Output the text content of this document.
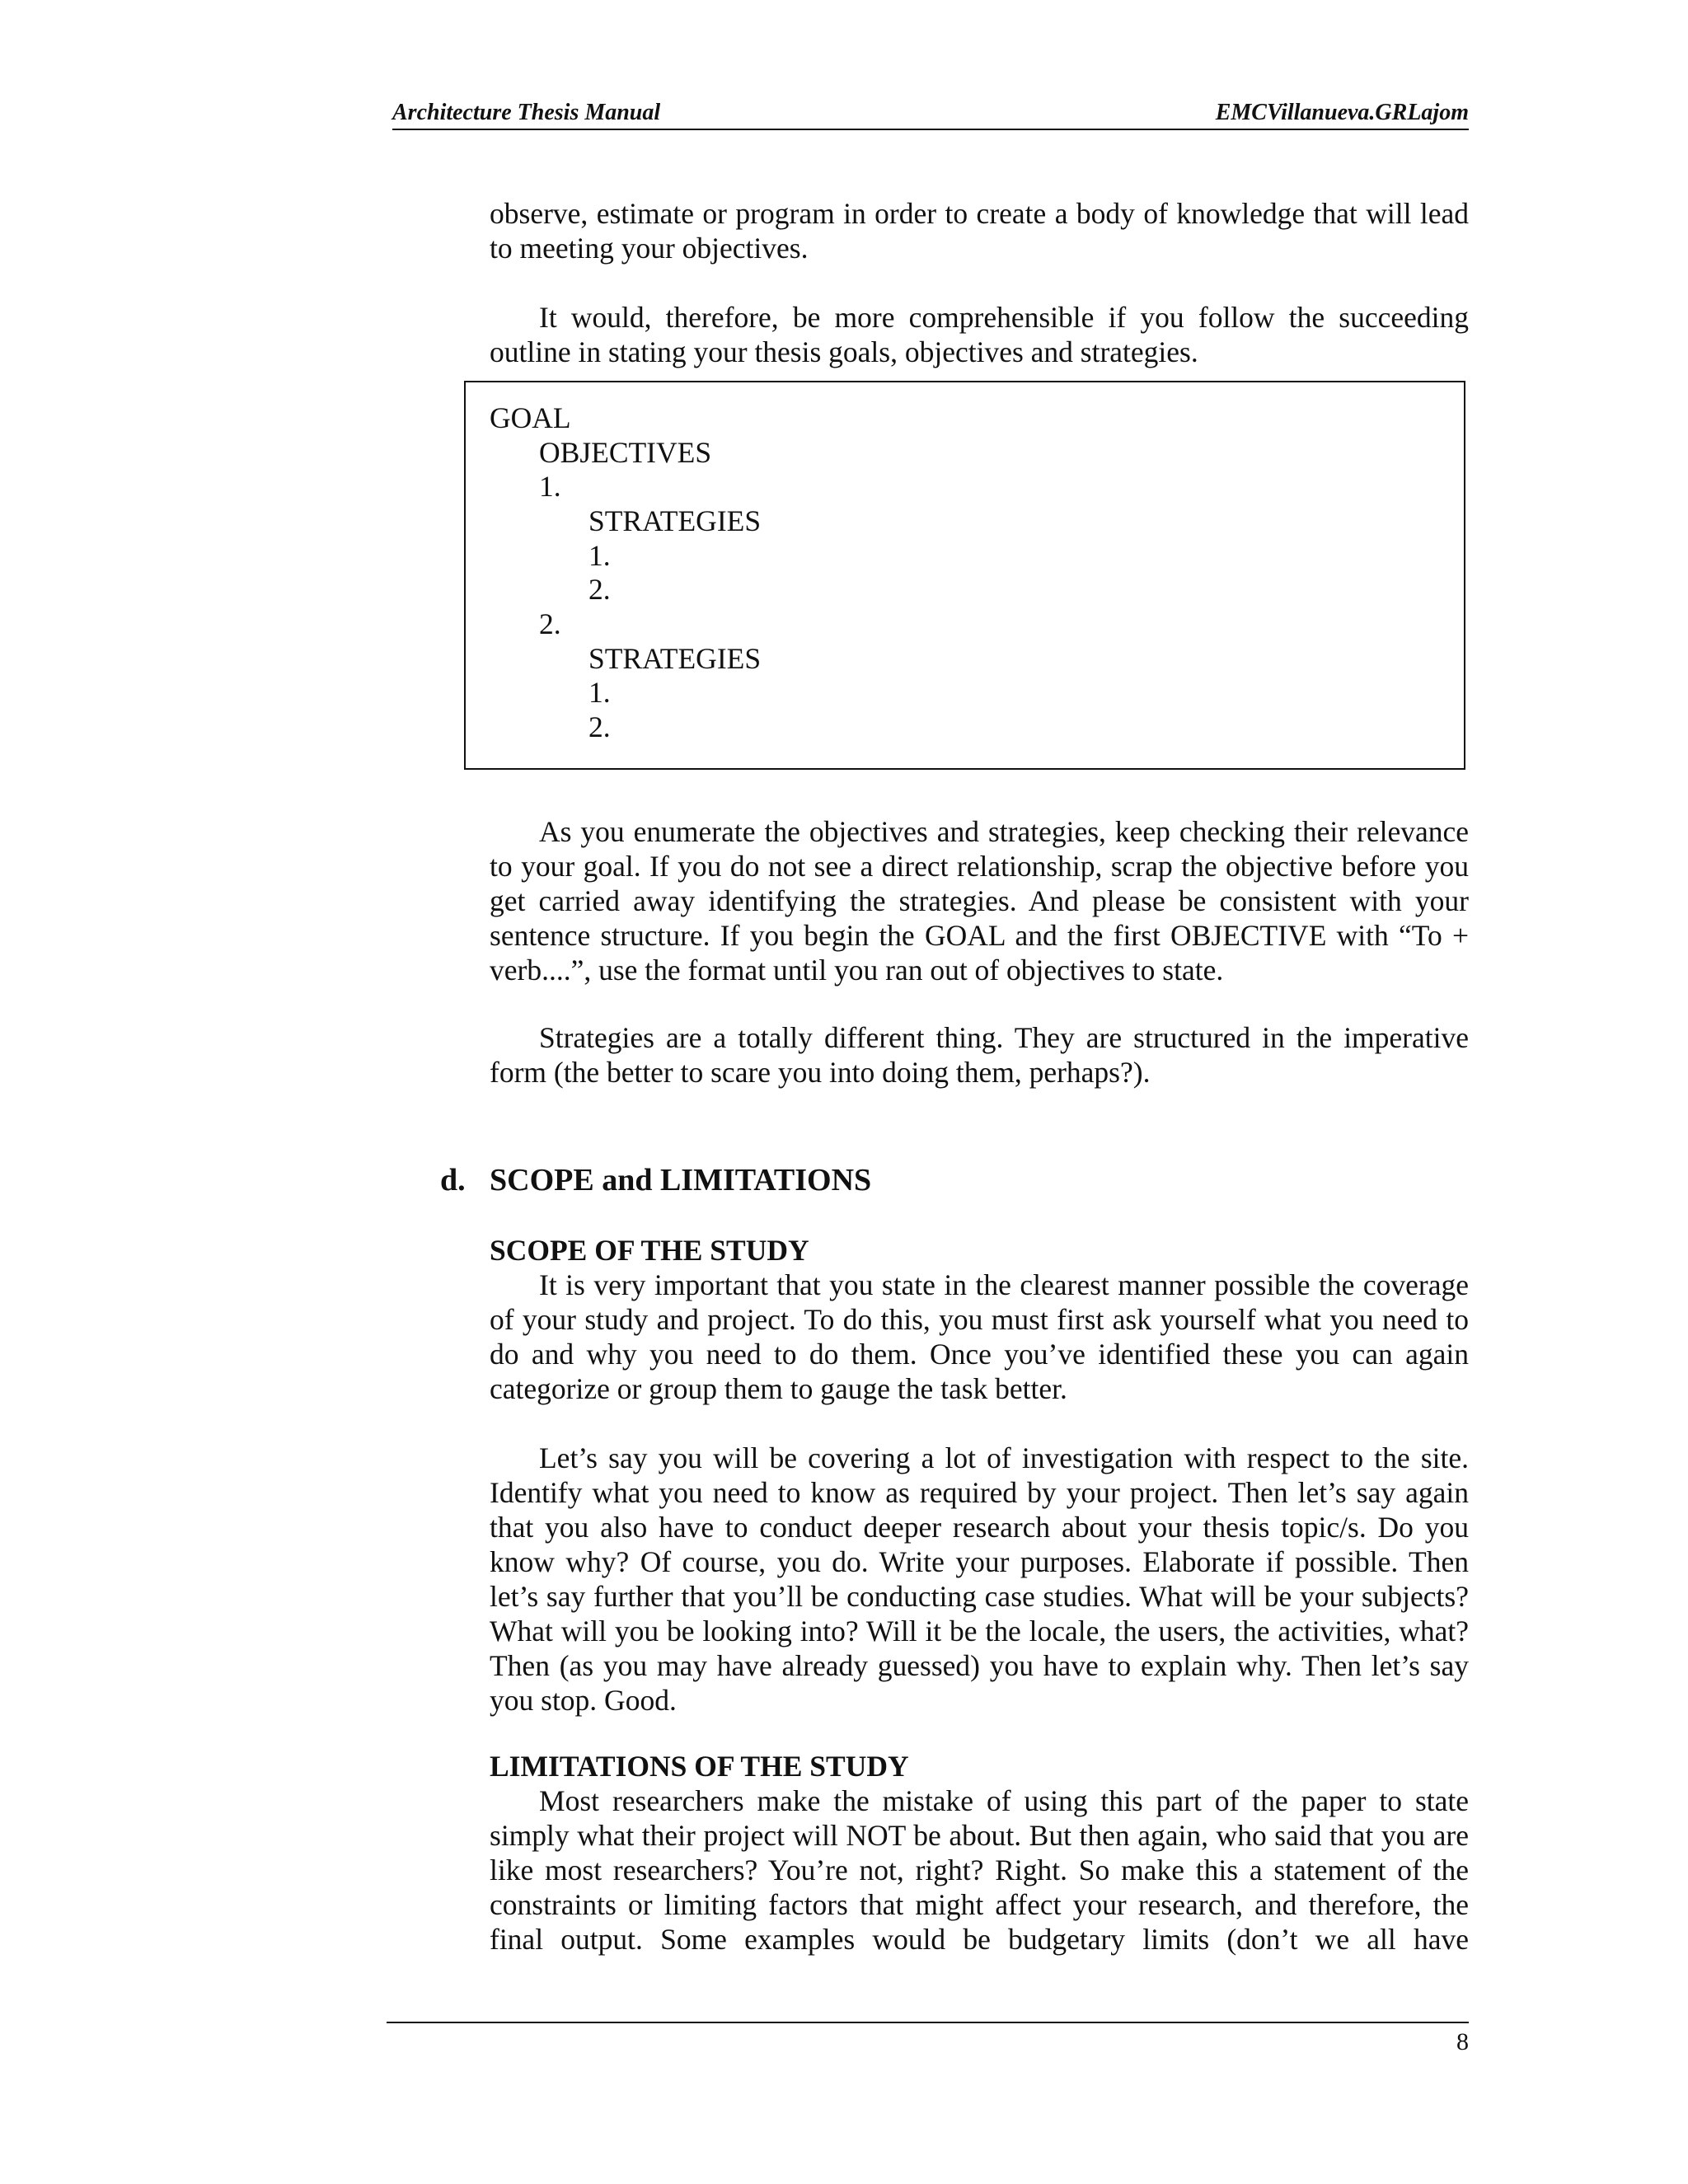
Architecture Thesis Manual	EMCVillanueva.GRLajom

observe, estimate or program in order to create a body of knowledge that will lead to meeting your objectives.

It would, therefore, be more comprehensible if you follow the succeeding outline in stating your thesis goals, objectives and strategies.

GOAL
OBJECTIVES
1.
STRATEGIES
1.
2.
2.
STRATEGIES
1.
2.

As you enumerate the objectives and strategies, keep checking their relevance to your goal. If you do not see a direct relationship, scrap the objective before you get carried away identifying the strategies. And please be consistent with your sentence structure. If you begin the GOAL and the first OBJECTIVE with “To + verb....”, use the format until you ran out of objectives to state.

Strategies are a totally different thing. They are structured in the imperative form (the better to scare you into doing them, perhaps?).

d. SCOPE and LIMITATIONS
SCOPE OF THE STUDY

It is very important that you state in the clearest manner possible the coverage of your study and project. To do this, you must first ask yourself what you need to do and why you need to do them. Once you’ve identified these you can again categorize or group them to gauge the task better.

Let’s say you will be covering a lot of investigation with respect to the site. Identify what you need to know as required by your project. Then let’s say again that you also have to conduct deeper research about your thesis topic/s. Do you know why? Of course, you do. Write your purposes. Elaborate if possible. Then let’s say further that you’ll be conducting case studies. What will be your subjects? What will you be looking into? Will it be the locale, the users, the activities, what? Then (as you may have already guessed) you have to explain why. Then let’s say you stop. Good.

LIMITATIONS OF THE STUDY

Most researchers make the mistake of using this part of the paper to state simply what their project will NOT be about. But then again, who said that you are like most researchers? You’re not, right? Right. So make this a statement of the constraints or limiting factors that might affect your research, and therefore, the final output. Some examples would be budgetary limits (don’t we all have

8
